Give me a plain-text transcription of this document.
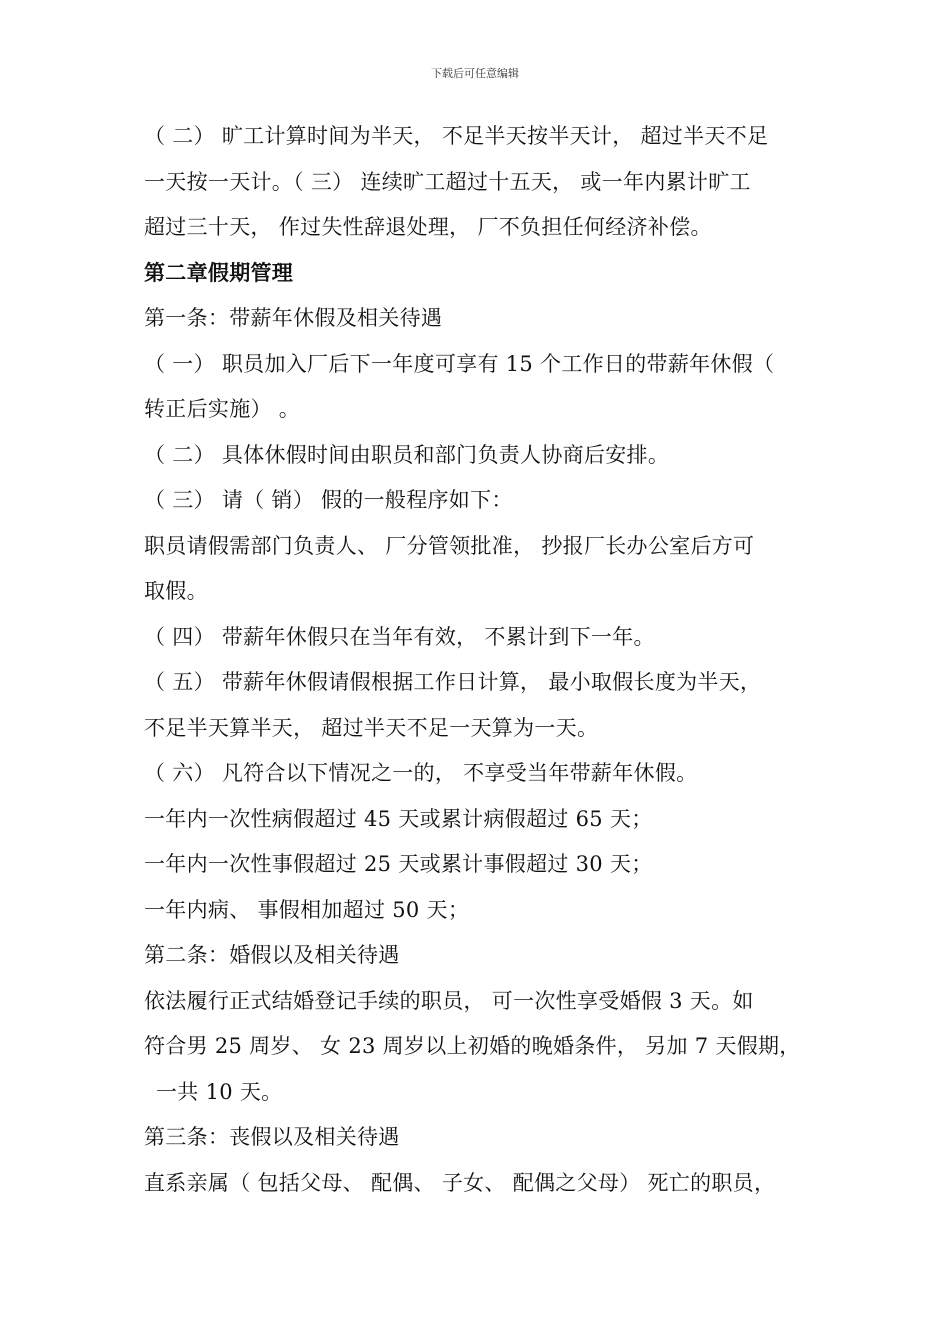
下载后可任意编辑
（ 二） 旷工计算时间为半天， 不足半天按半天计， 超过半天不足
一天按一天计。（ 三） 连续旷工超过十五天， 或一年内累计旷工
超过三十天， 作过失性辞退处理， 厂不负担任何经济补偿。
第二章假期管理
第一条：带薪年休假及相关待遇
（ 一） 职员加入厂后下一年度可享有 15 个工作日的带薪年休假（
转正后实施） 。
（ 二） 具体休假时间由职员和部门负责人协商后安排。
（ 三） 请（ 销） 假的一般程序如下：
职员请假需部门负责人、 厂分管领批准， 抄报厂长办公室后方可
取假。
（ 四） 带薪年休假只在当年有效， 不累计到下一年。
（ 五） 带薪年休假请假根据工作日计算， 最小取假长度为半天，
不足半天算半天， 超过半天不足一天算为一天。
（ 六） 凡符合以下情况之一的， 不享受当年带薪年休假。
一年内一次性病假超过 45 天或累计病假超过 65 天；
一年内一次性事假超过 25 天或累计事假超过 30 天；
一年内病、 事假相加超过 50 天；
第二条：婚假以及相关待遇
依法履行正式结婚登记手续的职员， 可一次性享受婚假 3 天。如
符合男 25 周岁、 女 23 周岁以上初婚的晚婚条件， 另加 7 天假期，
一共 10 天。
第三条：丧假以及相关待遇
直系亲属（ 包括父母、 配偶、 子女、 配偶之父母） 死亡的职员，
